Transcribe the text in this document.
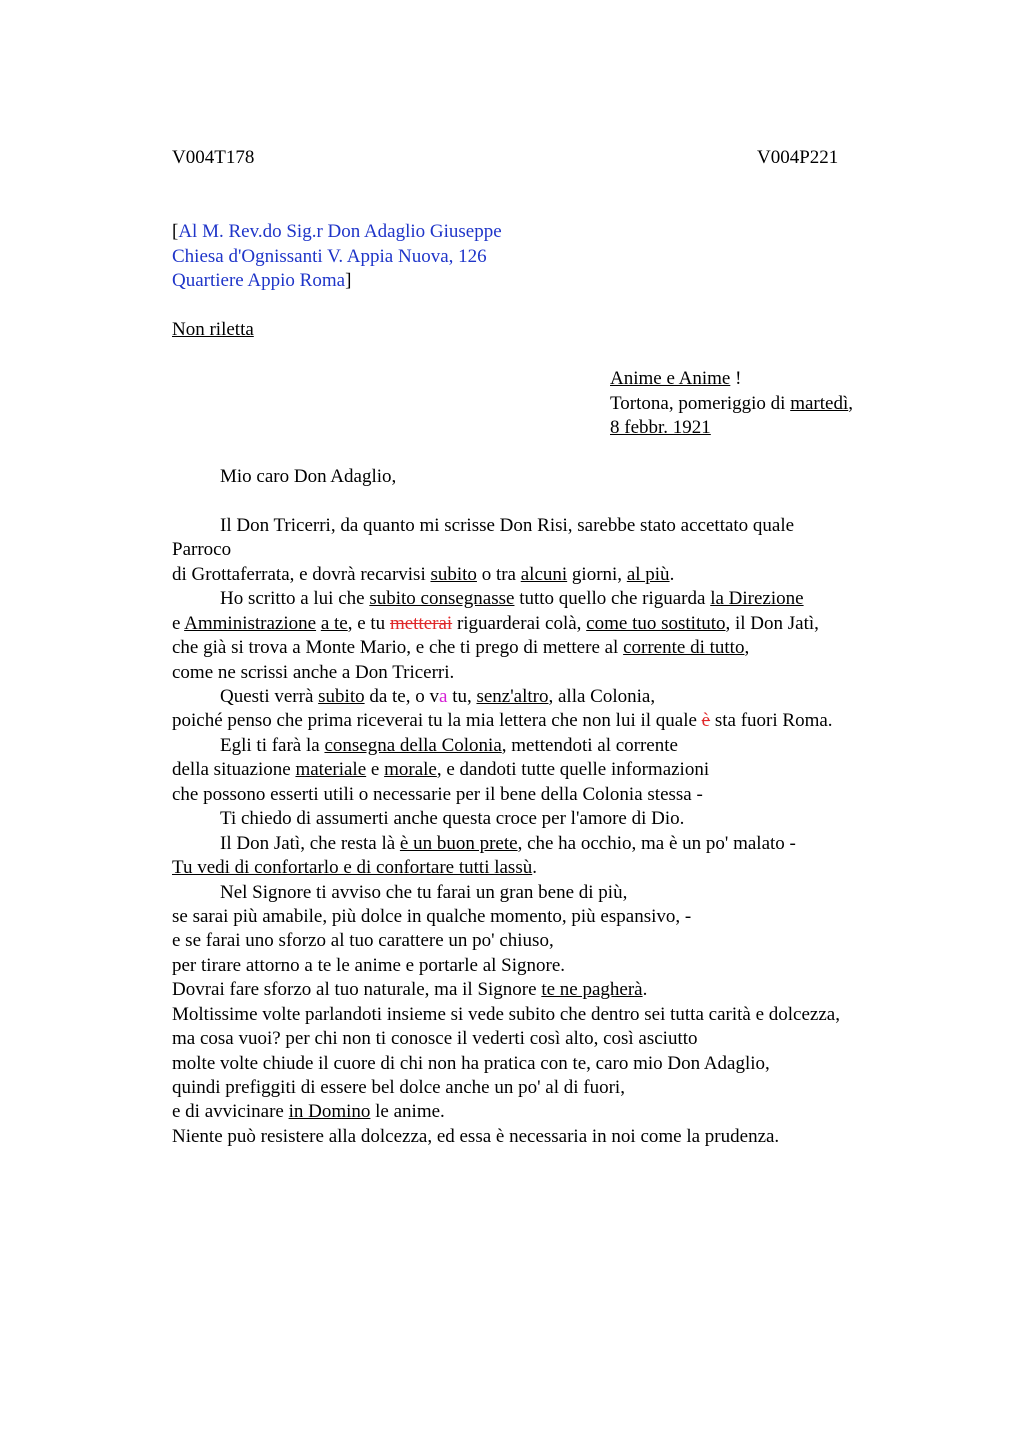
V004T178	V004P221
[Al M. Rev.do Sig.r Don Adaglio Giuseppe
Chiesa d'Ognissanti V. Appia Nuova, 126
Quartiere Appio Roma]
Non riletta
Anime e Anime !
Tortona, pomeriggio di martedì,
8 febbr. 1921
Mio caro Don Adaglio,
Il Don Tricerri, da quanto mi scrisse Don Risi, sarebbe stato accettato quale
Parroco
di Grottaferrata, e dovrà recarvisi subito o tra alcuni giorni, al più.
Ho scritto a lui che subito consegnasse tutto quello che riguarda la Direzione
e Amministrazione a te, e tu metterai riguarderai colà, come tuo sostituto, il Don Jatì,
che già si trova a Monte Mario, e che ti prego di mettere al corrente di tutto,
come ne scrissi anche a Don Tricerri.
Questi verrà subito da te, o va tu, senz'altro, alla Colonia,
poiché penso che prima riceverai tu la mia lettera che non lui il quale è sta fuori Roma.
Egli ti farà la consegna della Colonia, mettendoti al corrente
della situazione materiale e morale, e dandoti tutte quelle informazioni
che possono esserti utili o necessarie per il bene della Colonia stessa -
Ti chiedo di assumerti anche questa croce per l'amore di Dio.
Il Don Jatì, che resta là è un buon prete, che ha occhio, ma è un po' malato -
Tu vedi di confortarlo e di confortare tutti lassù.
Nel Signore ti avviso che tu farai un gran bene di più,
se sarai più amabile, più dolce in qualche momento, più espansivo, -
e se farai uno sforzo al tuo carattere un po' chiuso,
per tirare attorno a te le anime e portarle al Signore.
Dovrai fare sforzo al tuo naturale, ma il Signore te ne pagherà.
Moltissime volte parlandoti insieme si vede subito che dentro sei tutta carità e dolcezza,
ma cosa vuoi? per chi non ti conosce il vederti così alto, così asciutto
molte volte chiude il cuore di chi non ha pratica con te, caro mio Don Adaglio,
quindi prefiggiti di essere bel dolce anche un po' al di fuori,
e di avvicinare in Domino le anime.
Niente può resistere alla dolcezza, ed essa è necessaria in noi come la prudenza.
